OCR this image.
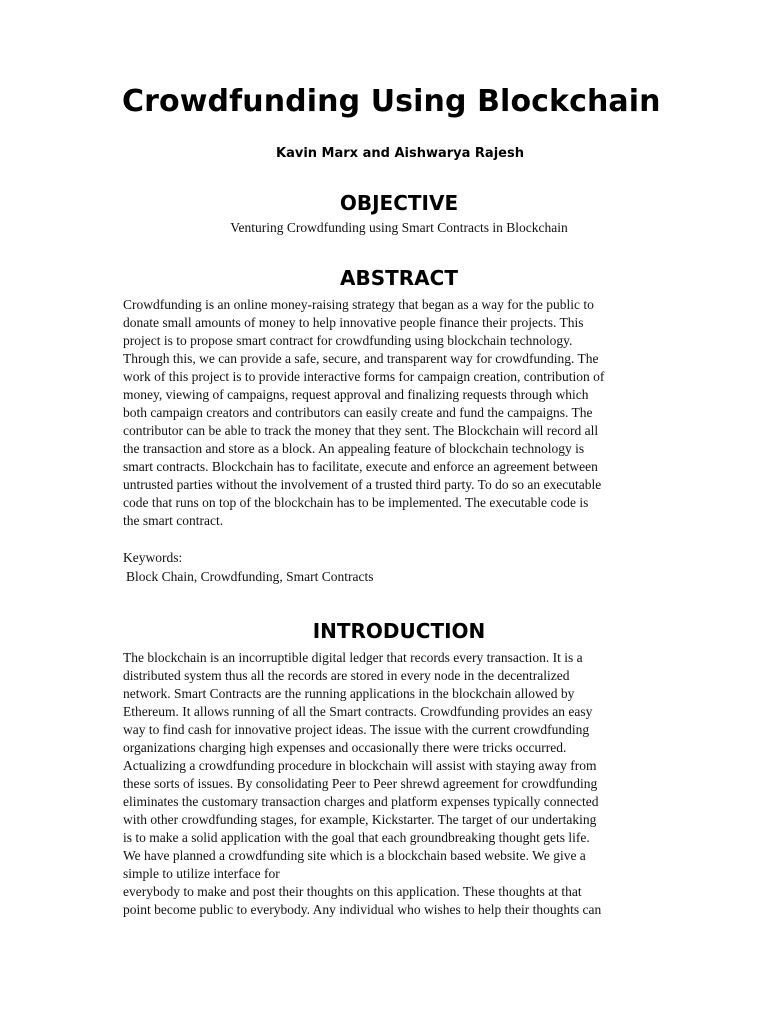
Crowdfunding Using Blockchain
Kavin Marx and Aishwarya Rajesh
OBJECTIVE
Venturing Crowdfunding using Smart Contracts in Blockchain
ABSTRACT
Crowdfunding is an online money-raising strategy that began as a way for the public to
donate small amounts of money to help innovative people finance their projects. This
project is to propose smart contract for crowdfunding using blockchain technology.
Through this, we can provide a safe, secure, and transparent way for crowdfunding. The
work of this project is to provide interactive forms for campaign creation, contribution of
money, viewing of campaigns, request approval and finalizing requests through which
both campaign creators and contributors can easily create and fund the campaigns. The
contributor can be able to track the money that they sent. The Blockchain will record all
the transaction and store as a block. An appealing feature of blockchain technology is
smart contracts. Blockchain has to facilitate, execute and enforce an agreement between
untrusted parties without the involvement of a trusted third party. To do so an executable
code that runs on top of the blockchain has to be implemented. The executable code is
the smart contract.
Keywords:
Block Chain, Crowdfunding, Smart Contracts
INTRODUCTION
The blockchain is an incorruptible digital ledger that records every transaction. It is a
distributed system thus all the records are stored in every node in the decentralized
network. Smart Contracts are the running applications in the blockchain allowed by
Ethereum. It allows running of all the Smart contracts. Crowdfunding provides an easy
way to find cash for innovative project ideas. The issue with the current crowdfunding
organizations charging high expenses and occasionally there were tricks occurred.
Actualizing a crowdfunding procedure in blockchain will assist with staying away from
these sorts of issues. By consolidating Peer to Peer shrewd agreement for crowdfunding
eliminates the customary transaction charges and platform expenses typically connected
with other crowdfunding stages, for example, Kickstarter. The target of our undertaking
is to make a solid application with the goal that each groundbreaking thought gets life.
We have planned a crowdfunding site which is a blockchain based website. We give a
simple to utilize interface for
everybody to make and post their thoughts on this application. These thoughts at that
point become public to everybody. Any individual who wishes to help their thoughts can
